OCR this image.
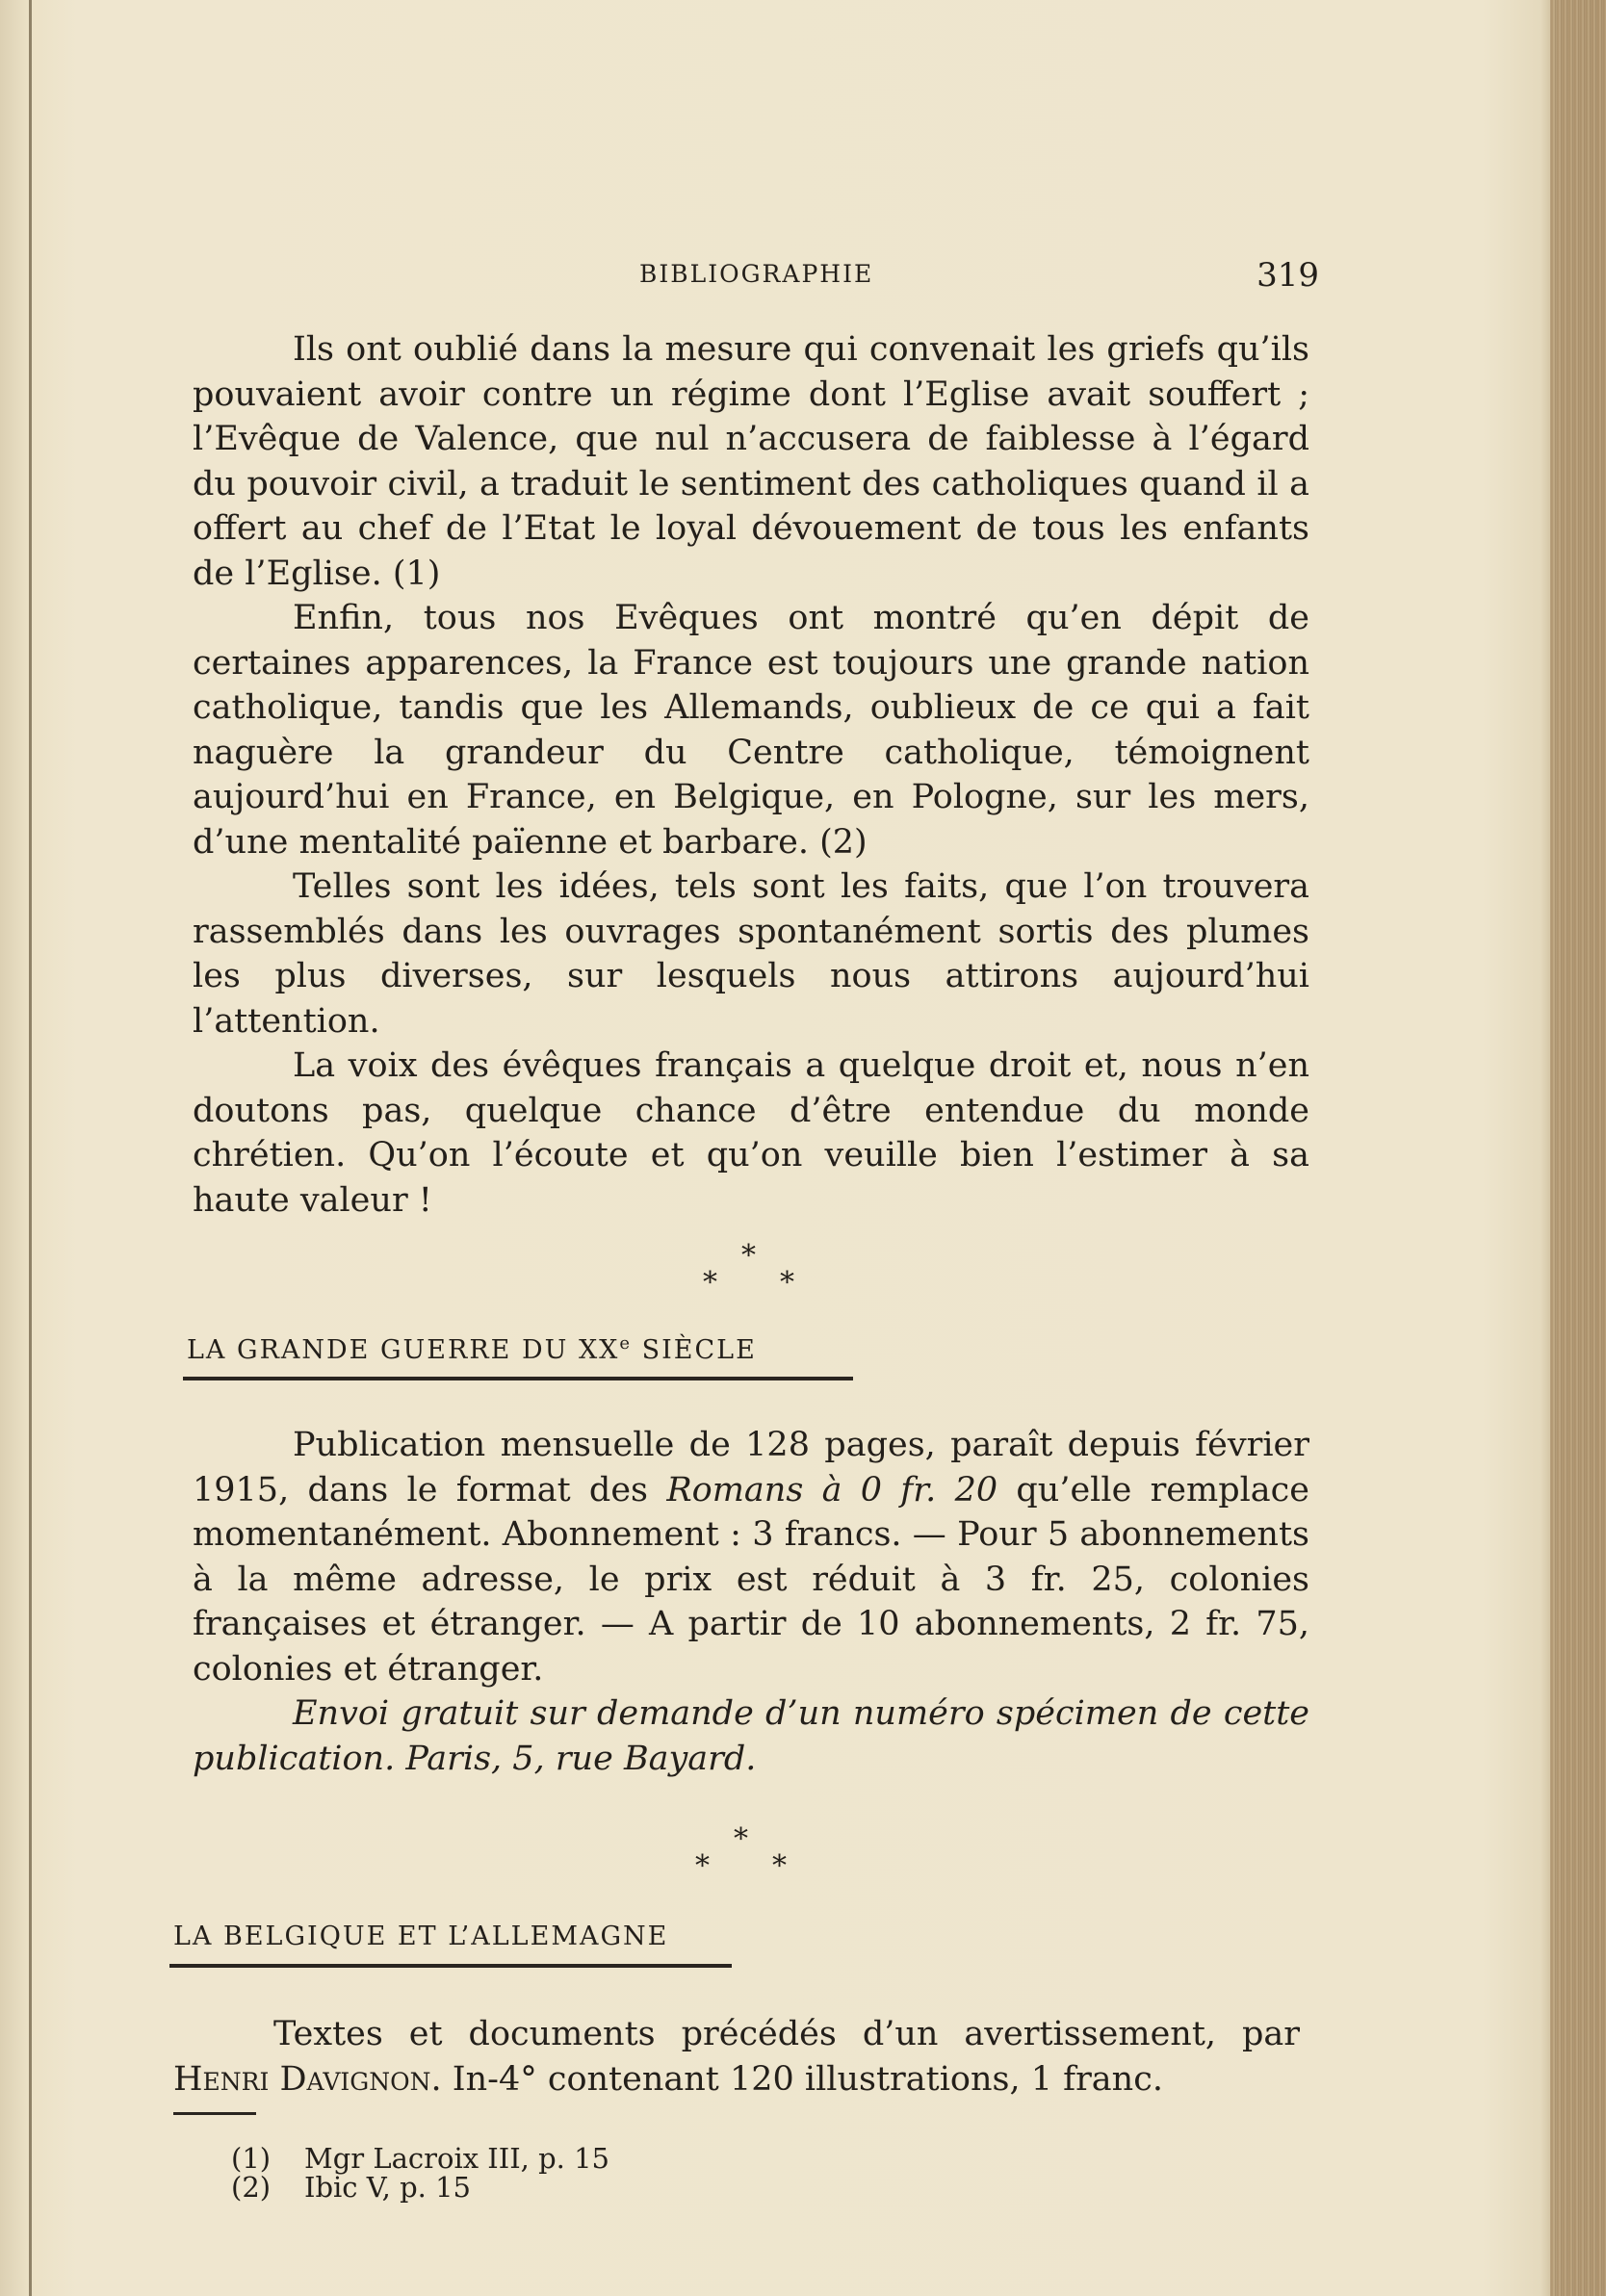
BIBLIOGRAPHIE	319

Ils ont oublié dans la mesure qui convenait les griefs qu’ils pouvaient avoir contre un régime dont l’Eglise avait souffert ; l’Evêque de Valence, que nul n’accusera de faiblesse à l’égard du pouvoir civil, a traduit le sentiment des catholiques quand il a offert au chef de l’Etat le loyal dévouement de tous les enfants de l’Eglise. (1)

Enfin, tous nos Evêques ont montré qu’en dépit de certaines apparences, la France est toujours une grande nation catholique, tandis que les Allemands, oublieux de ce qui a fait naguère la grandeur du Centre catholique, témoignent aujourd’hui en France, en Belgique, en Pologne, sur les mers, d’une mentalité païenne et barbare. (2)

Telles sont les idées, tels sont les faits, que l’on trouvera rassemblés dans les ouvrages spontanément sortis des plumes les plus diverses, sur lesquels nous attirons aujourd’hui l’attention.

La voix des évêques français a quelque droit et, nous n’en doutons pas, quelque chance d’être entendue du monde chrétien. Qu’on l’écoute et qu’on veuille bien l’estimer à sa haute valeur !

*
* *
LA GRANDE GUERRE DU XXe SIÈCLE

Publication mensuelle de 128 pages, paraît depuis février 1915, dans le format des Romans à 0 fr. 20 qu’elle remplace momentanément. Abonnement : 3 francs. — Pour 5 abonnements à la même adresse, le prix est réduit à 3 fr. 25, colonies françaises et étranger. — A partir de 10 abonnements, 2 fr. 75, colonies et étranger.

Envoi gratuit sur demande d’un numéro spécimen de cette publication. Paris, 5, rue Bayard.

*
* *
LA BELGIQUE ET L’ALLEMAGNE

Textes et documents précédés d’un avertissement, par Henri Davignon. In-4° contenant 120 illustrations, 1 franc.

(1) Mgr Lacroix III, p. 15
(2) Ibic V, p. 15
